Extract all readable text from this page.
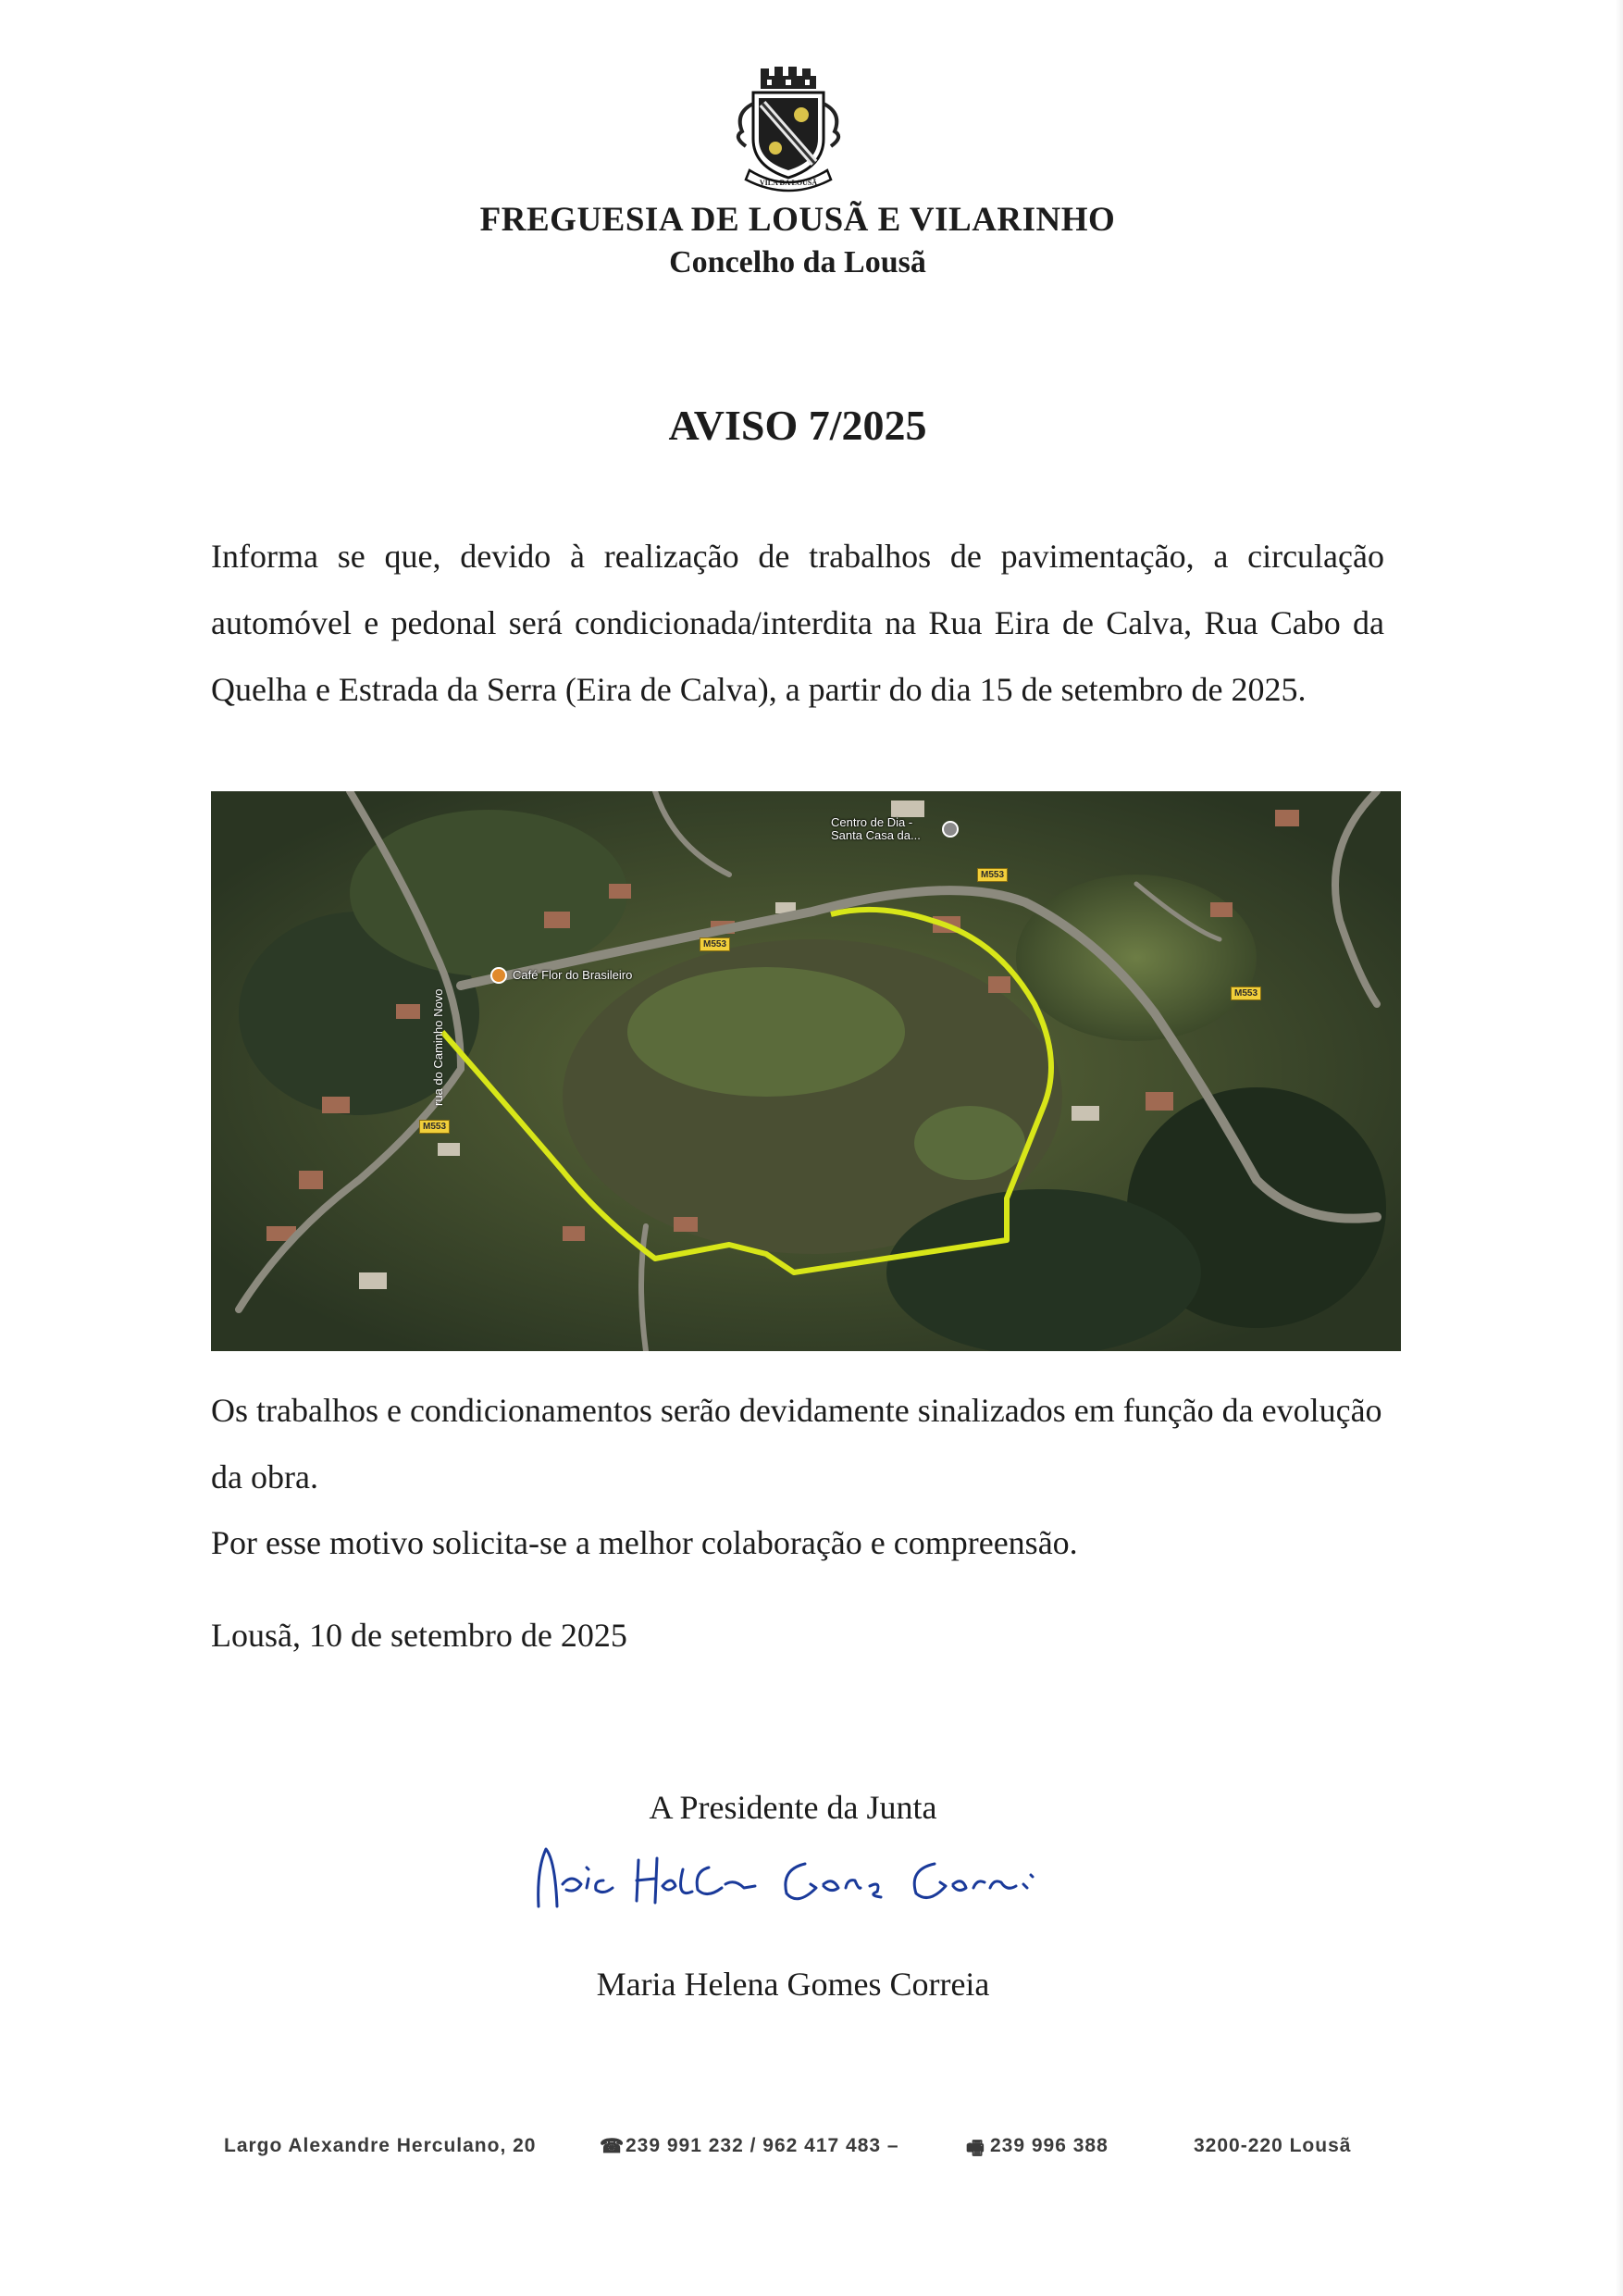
VILA DA LOUSÃ
FREGUESIA DE LOUSÃ E VILARINHO
Concelho da Lousã
AVISO 7/2025
Informa se que, devido à realização de trabalhos de pavimentação, a circulação automóvel e pedonal será condicionada/interdita na Rua Eira de Calva, Rua Cabo da Quelha e Estrada da Serra (Eira de Calva), a partir do dia 15 de setembro de 2025.
Centro de Dia -
Santa Casa da...
Café Flor do Brasileiro
rua do Caminho Novo
M553
M553
M553
M553
Os trabalhos e condicionamentos serão devidamente sinalizados em função da evolução da obra.
Por esse motivo solicita-se a melhor colaboração e compreensão.
Lousã, 10 de setembro de 2025
A Presidente da Junta
Maria Helena Gomes Correia
Largo Alexandre Herculano, 20	☎ 239 991 232 / 962 417 483 –	🖷 239 996 388	3200-220 Lousã
